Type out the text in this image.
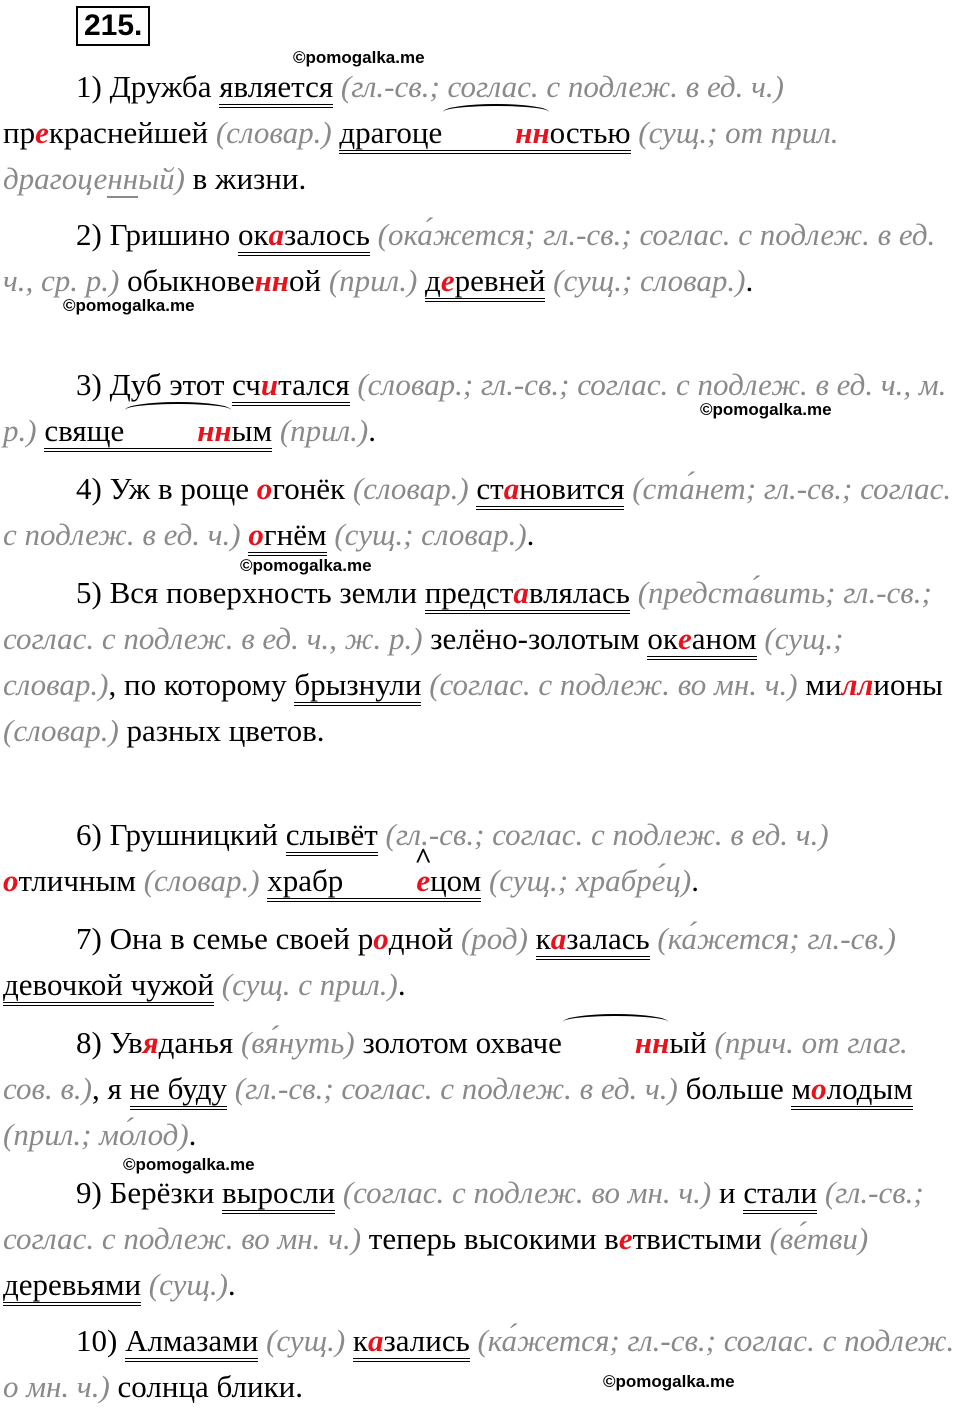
215.
1) Дружба является (гл.-св.; соглас. с подлеж. в ед. ч.) прекраснейшей (словар.) драгоце нностью (сущ.; от прил. драгоценный) в жизни.
2) Гришино оказалось (ока́жется; гл.-св.; соглас. с подлеж. в ед. ч., ср. р.) обыкновенной (прил.) деревней (сущ.; словар.).
3) Дуб этот считался (словар.; гл.-св.; соглас. с подлеж. в ед. ч., м. р.) свяще нным (прил.).
4) Уж в роще огонёк (словар.) становится (ста́нет; гл.-св.; соглас. с подлеж. в ед. ч.) огнём (сущ.; словар.).
5) Вся поверхность земли представлялась (предста́вить; гл.-св.; соглас. с подлеж. в ед. ч., ж. р.) зелёно-золотым океаном (сущ.; словар.), по которому брызнули (соглас. с подлеж. во мн. ч.) миллионы (словар.) разных цветов.
6) Грушницкий слывёт (гл.-св.; соглас. с подлеж. в ед. ч.) отличным (словар.) храбр^ ецом (сущ.; храбре́ц).
7) Она в семье своей родной (род) казалась (ка́жется; гл.-св.) девочкой чужой (сущ. с прил.).
8) Увяданья (вя́нуть) золотом охваче нный (прич. от глаг. сов. в.), я не буду (гл.-св.; соглас. с подлеж. в ед. ч.) больше молодым (прил.; мо́лод).
9) Берёзки выросли (соглас. с подлеж. во мн. ч.) и стали (гл.-св.; соглас. с подлеж. во мн. ч.) теперь высокими ветвистыми (ве́тви) деревьями (сущ.).
10) Алмазами (сущ.) казались (ка́жется; гл.-св.; соглас. с подлеж. о мн. ч.) солнца блики.
©pomogalka.me
©pomogalka.me
©pomogalka.me
©pomogalka.me
©pomogalka.me
©pomogalka.me
